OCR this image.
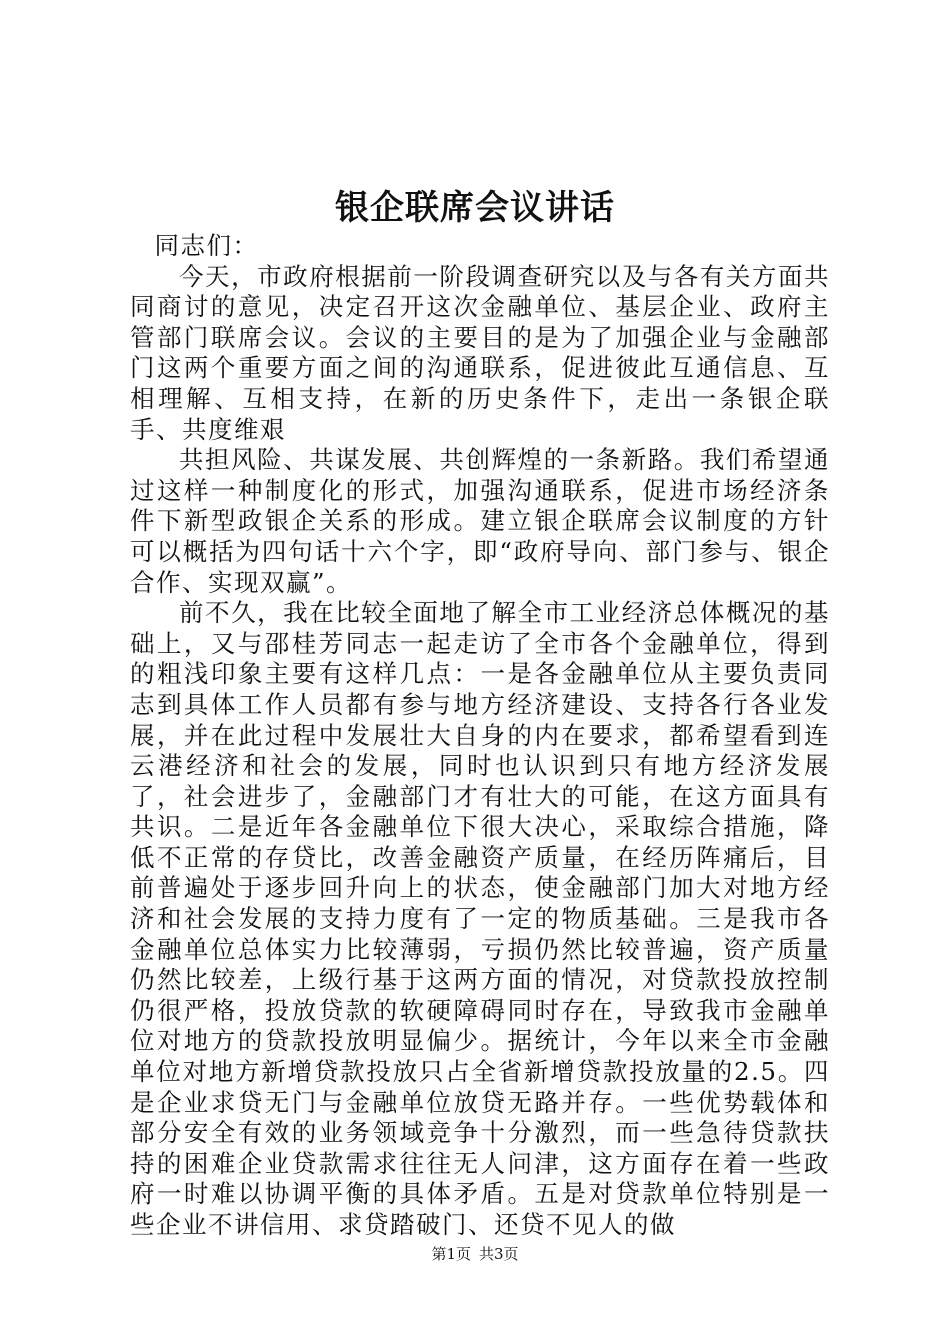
银企联席会议讲话

同志们：

今天，市政府根据前一阶段调查研究以及与各有关方面共同商讨的意见，决定召开这次金融单位、基层企业、政府主管部门联席会议。会议的主要目的是为了加强企业与金融部门这两个重要方面之间的沟通联系，促进彼此互通信息、互相理解、互相支持，在新的历史条件下，走出一条银企联手、共度维艰

共担风险、共谋发展、共创辉煌的一条新路。我们希望通过这样一种制度化的形式，加强沟通联系，促进市场经济条件下新型政银企关系的形成。建立银企联席会议制度的方针可以概括为四句话十六个字，即“政府导向、部门参与、银企合作、实现双赢”。

前不久，我在比较全面地了解全市工业经济总体概况的基础上，又与邵桂芳同志一起走访了全市各个金融单位，得到的粗浅印象主要有这样几点：一是各金融单位从主要负责同志到具体工作人员都有参与地方经济建设、支持各行各业发展，并在此过程中发展壮大自身的内在要求，都希望看到连云港经济和社会的发展，同时也认识到只有地方经济发展了，社会进步了，金融部门才有壮大的可能，在这方面具有共识。二是近年各金融单位下很大决心，采取综合措施，降低不正常的存贷比，改善金融资产质量，在经历阵痛后，目前普遍处于逐步回升向上的状态，使金融部门加大对地方经济和社会发展的支持力度有了一定的物质基础。三是我市各金融单位总体实力比较薄弱，亏损仍然比较普遍，资产质量仍然比较差，上级行基于这两方面的情况，对贷款投放控制仍很严格，投放贷款的软硬障碍同时存在，导致我市金融单位对地方的贷款投放明显偏少。据统计，今年以来全市金融单位对地方新增贷款投放只占全省新增贷款投放量的2.5。四是企业求贷无门与金融单位放贷无路并存。一些优势载体和部分安全有效的业务领域竞争十分激烈，而一些急待贷款扶持的困难企业贷款需求往往无人问津，这方面存在着一些政府一时难以协调平衡的具体矛盾。五是对贷款单位特别是一些企业不讲信用、求贷踏破门、还贷不见人的做

第1页 共3页
